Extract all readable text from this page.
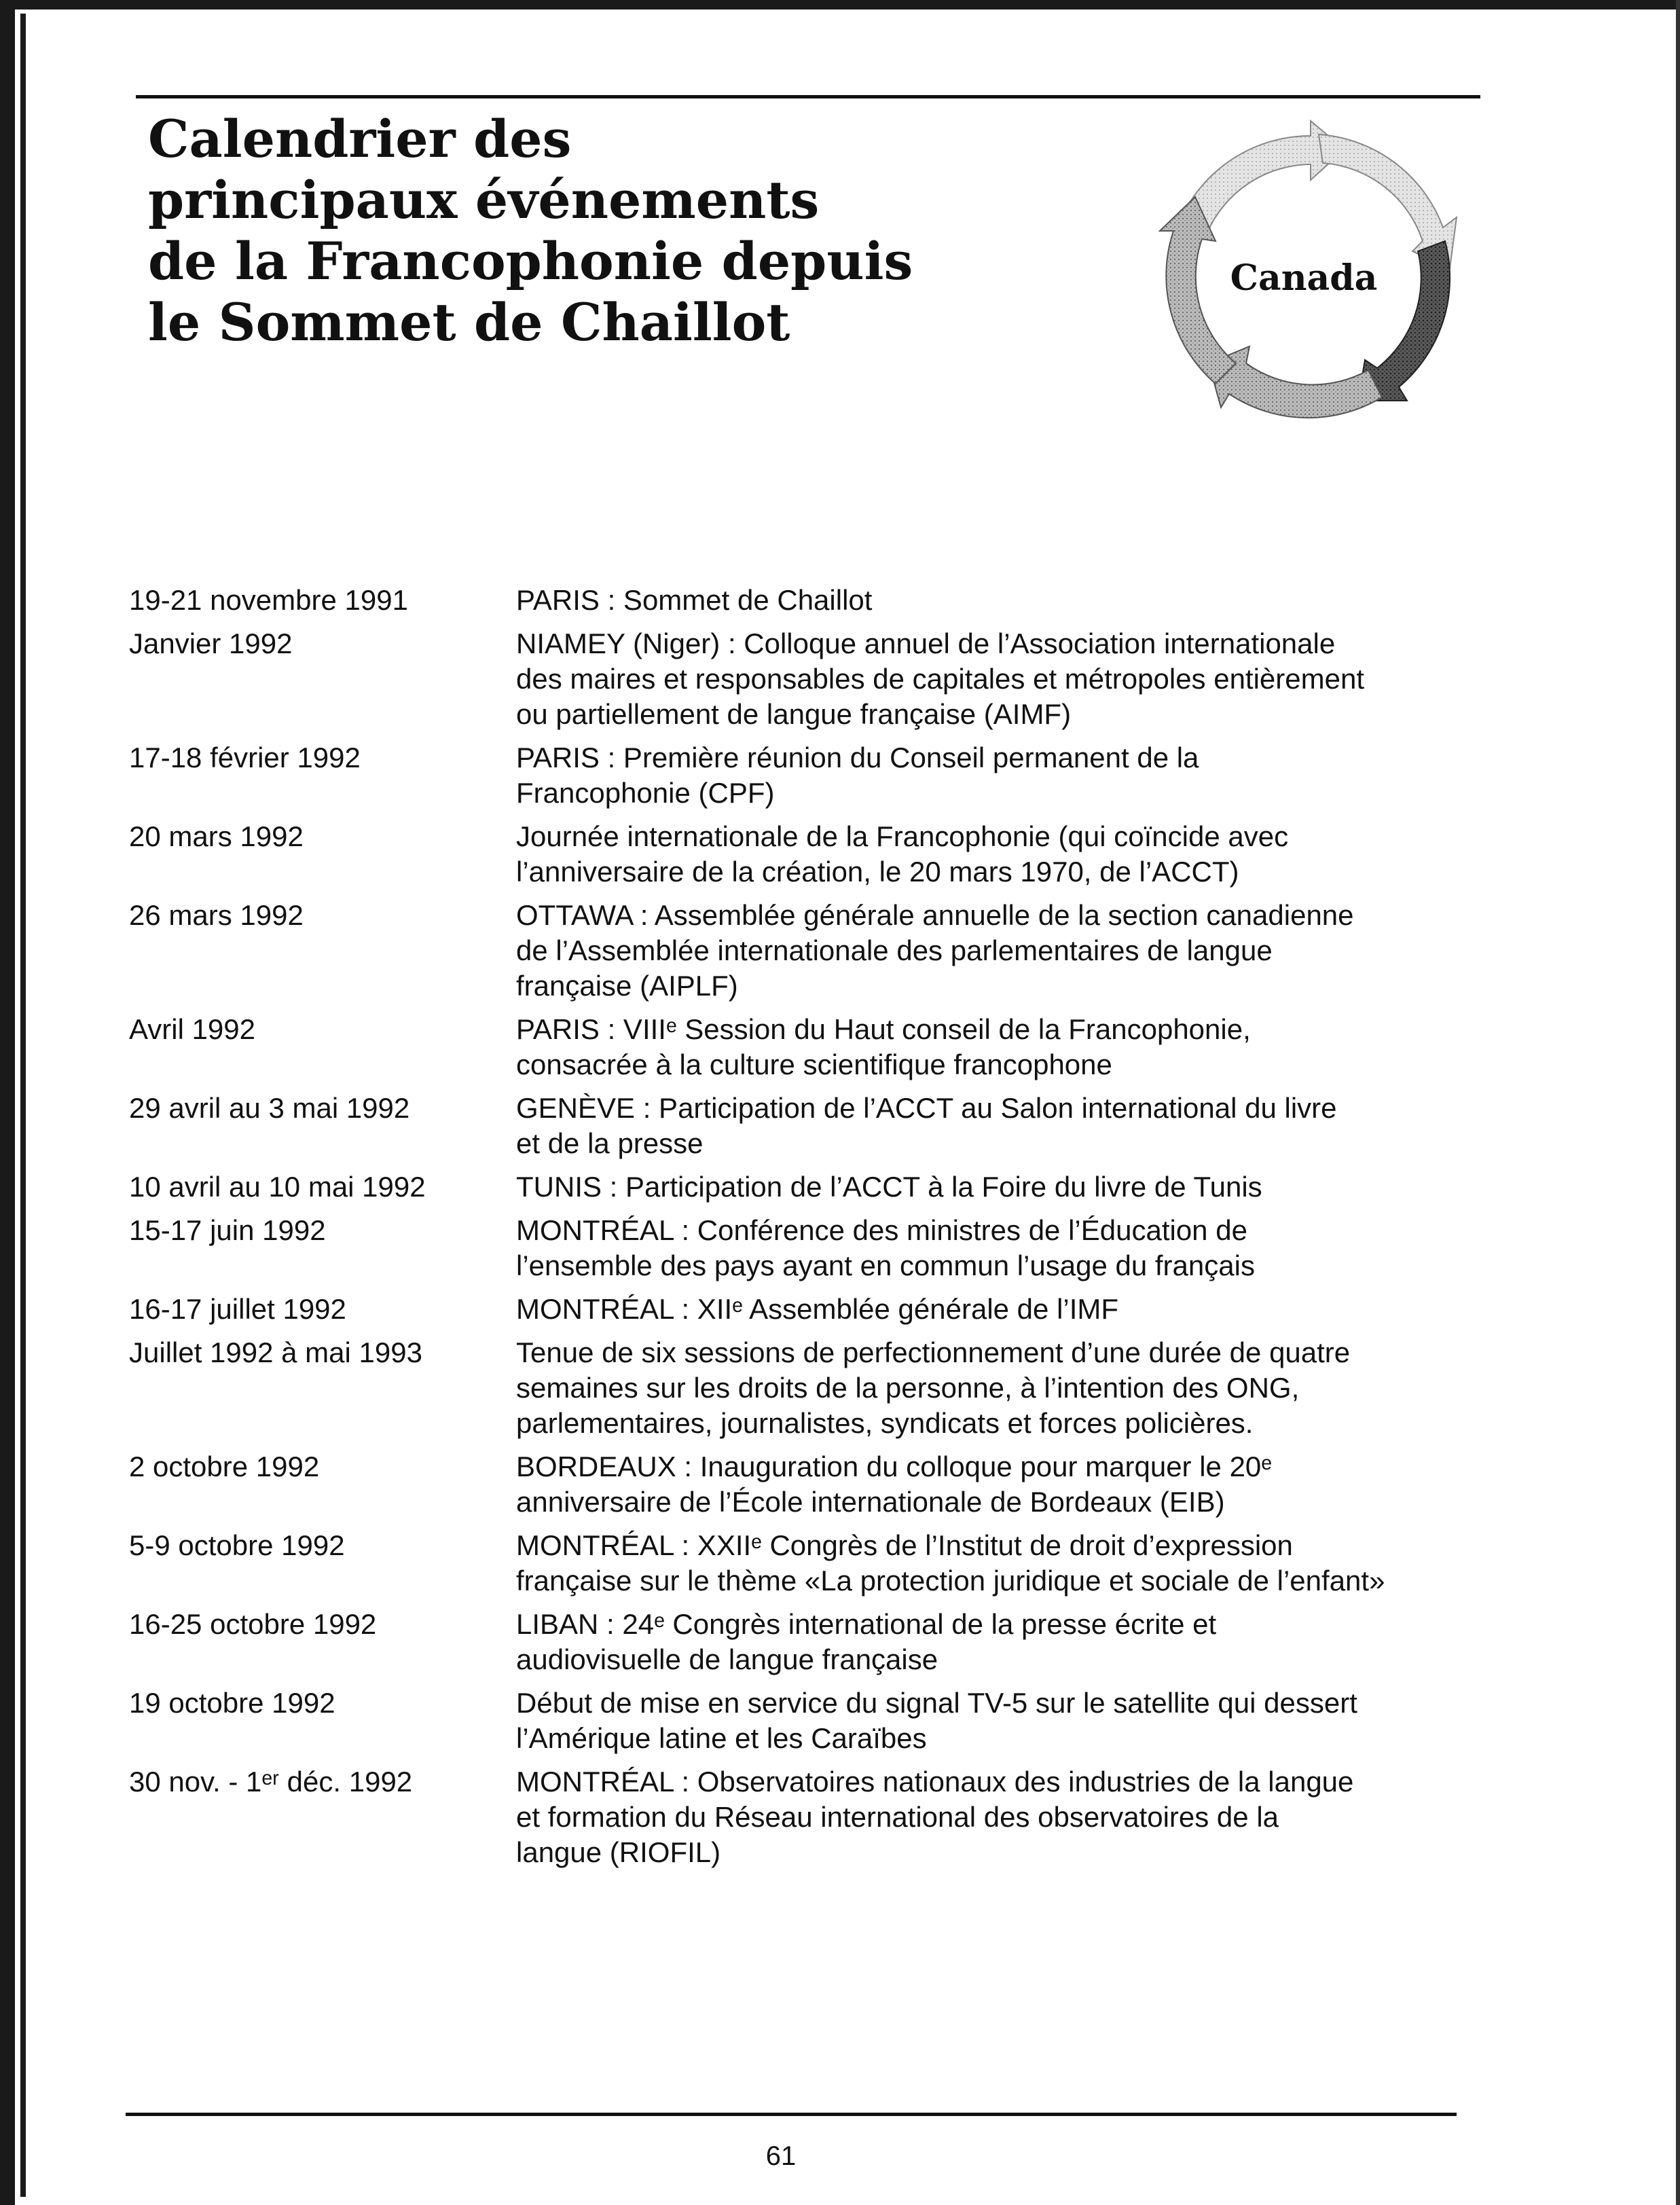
Calendrier des
principaux événements
de la Francophonie depuis
le Sommet de Chaillot
Canada
19-21 novembre 1991	PARIS : Sommet de Chaillot
Janvier 1992	NIAMEY (Niger) : Colloque annuel de l’Association internationale
des maires et responsables de capitales et métropoles entièrement
ou partiellement de langue française (AIMF)
17-18 février 1992	PARIS : Première réunion du Conseil permanent de la
Francophonie (CPF)
20 mars 1992	Journée internationale de la Francophonie (qui coïncide avec
l’anniversaire de la création, le 20 mars 1970, de l’ACCT)
26 mars 1992	OTTAWA : Assemblée générale annuelle de la section canadienne
de l’Assemblée internationale des parlementaires de langue
française (AIPLF)
Avril 1992	PARIS : VIIIᵉ Session du Haut conseil de la Francophonie,
consacrée à la culture scientifique francophone
29 avril au 3 mai 1992	GENÈVE : Participation de l’ACCT au Salon international du livre
et de la presse
10 avril au 10 mai 1992	TUNIS : Participation de l’ACCT à la Foire du livre de Tunis
15-17 juin 1992	MONTRÉAL : Conférence des ministres de l’Éducation de
l’ensemble des pays ayant en commun l’usage du français
16-17 juillet 1992	MONTRÉAL : XIIᵉ Assemblée générale de l’IMF
Juillet 1992 à mai 1993	Tenue de six sessions de perfectionnement d’une durée de quatre
semaines sur les droits de la personne, à l’intention des ONG,
parlementaires, journalistes, syndicats et forces policières.
2 octobre 1992	BORDEAUX : Inauguration du colloque pour marquer le 20ᵉ
anniversaire de l’École internationale de Bordeaux (EIB)
5-9 octobre 1992	MONTRÉAL : XXIIᵉ Congrès de l’Institut de droit d’expression
française sur le thème «La protection juridique et sociale de l’enfant»
16-25 octobre 1992	LIBAN : 24ᵉ Congrès international de la presse écrite et
audiovisuelle de langue française
19 octobre 1992	Début de mise en service du signal TV-5 sur le satellite qui dessert
l’Amérique latine et les Caraïbes
30 nov. - 1ᵉʳ déc. 1992	MONTRÉAL : Observatoires nationaux des industries de la langue
et formation du Réseau international des observatoires de la
langue (RIOFIL)
61
